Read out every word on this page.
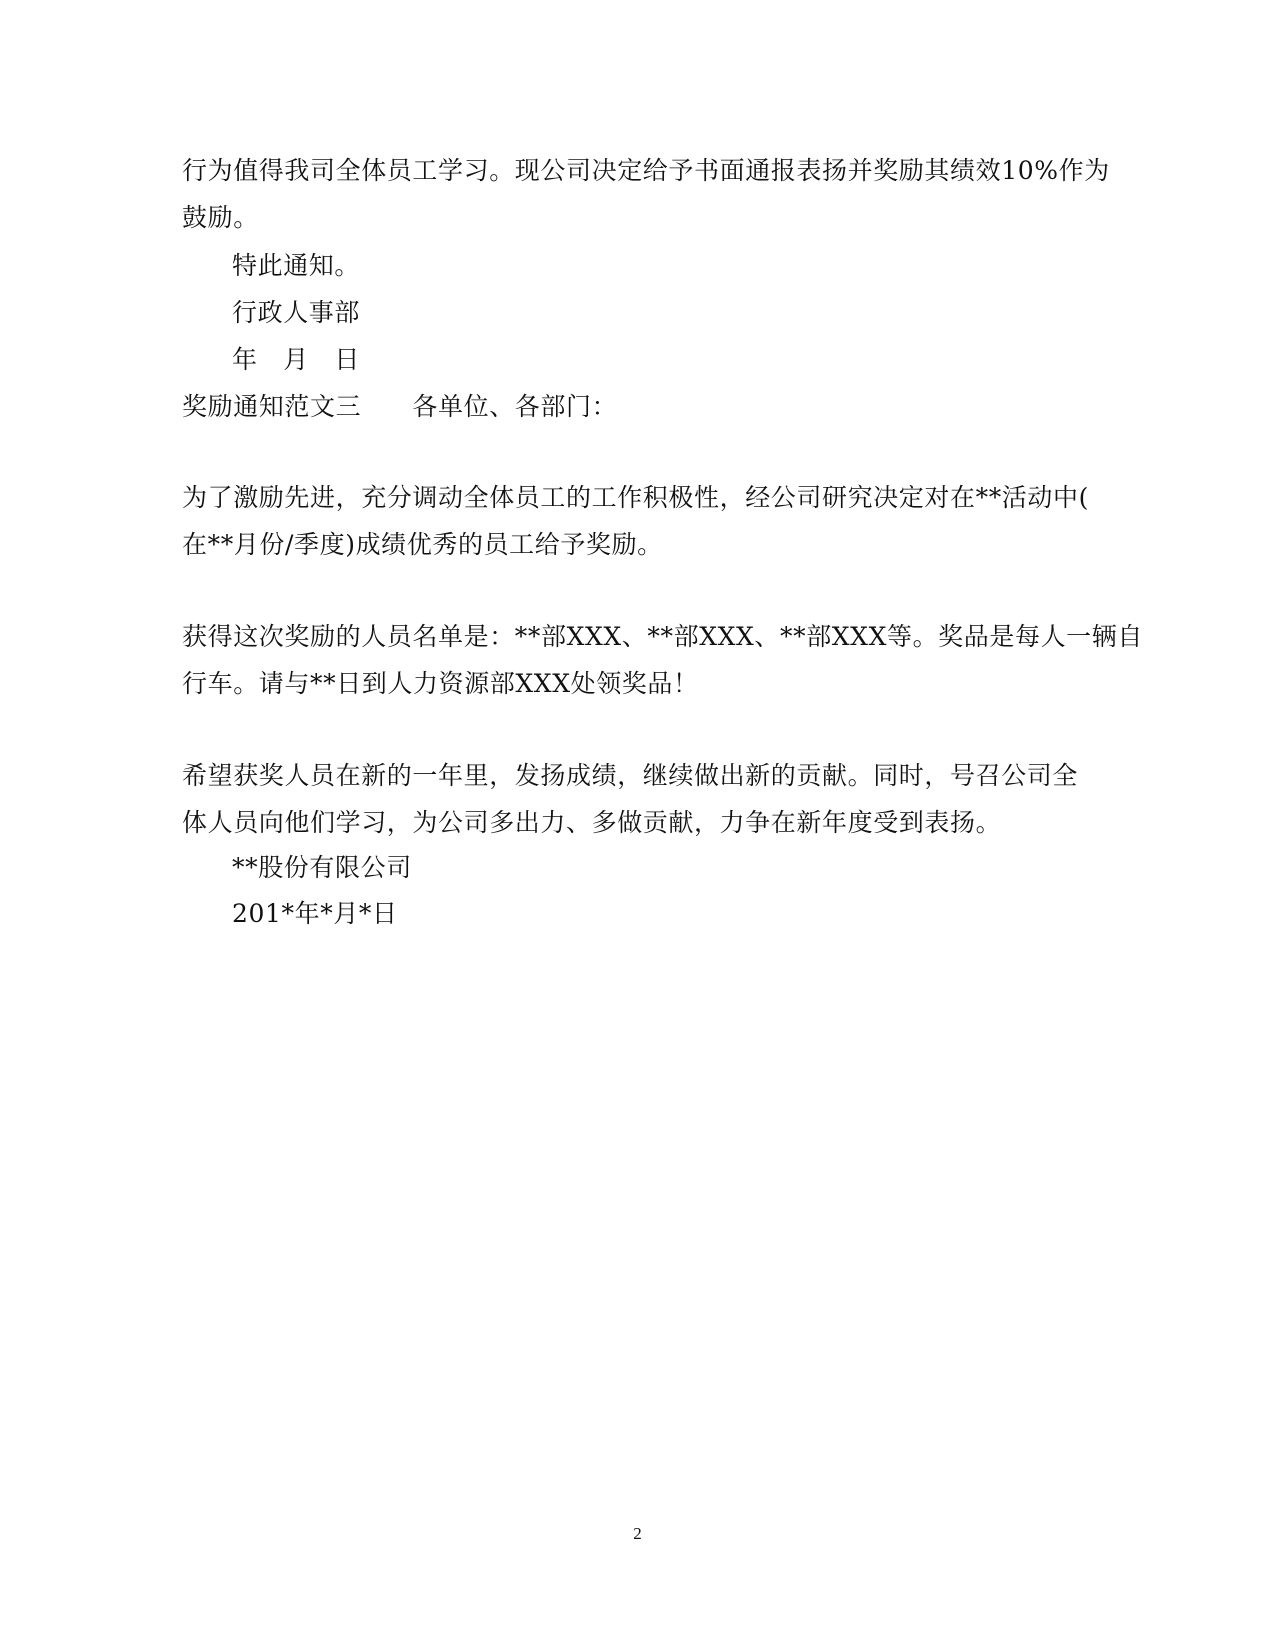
行为值得我司全体员工学习。现公司决定给予书面通报表扬并奖励其绩效10%作为
鼓励。
特此通知。
行政人事部
年　月　日
奖励通知范文三　　各单位、各部门：
为了激励先进，充分调动全体员工的工作积极性，经公司研究决定对在**活动中(
在**月份/季度)成绩优秀的员工给予奖励。
获得这次奖励的人员名单是：**部XXX、**部XXX、**部XXX等。奖品是每人一辆自
行车。请与**日到人力资源部XXX处领奖品！
希望获奖人员在新的一年里，发扬成绩，继续做出新的贡献。同时，号召公司全
体人员向他们学习，为公司多出力、多做贡献，力争在新年度受到表扬。
**股份有限公司
201*年*月*日
2
